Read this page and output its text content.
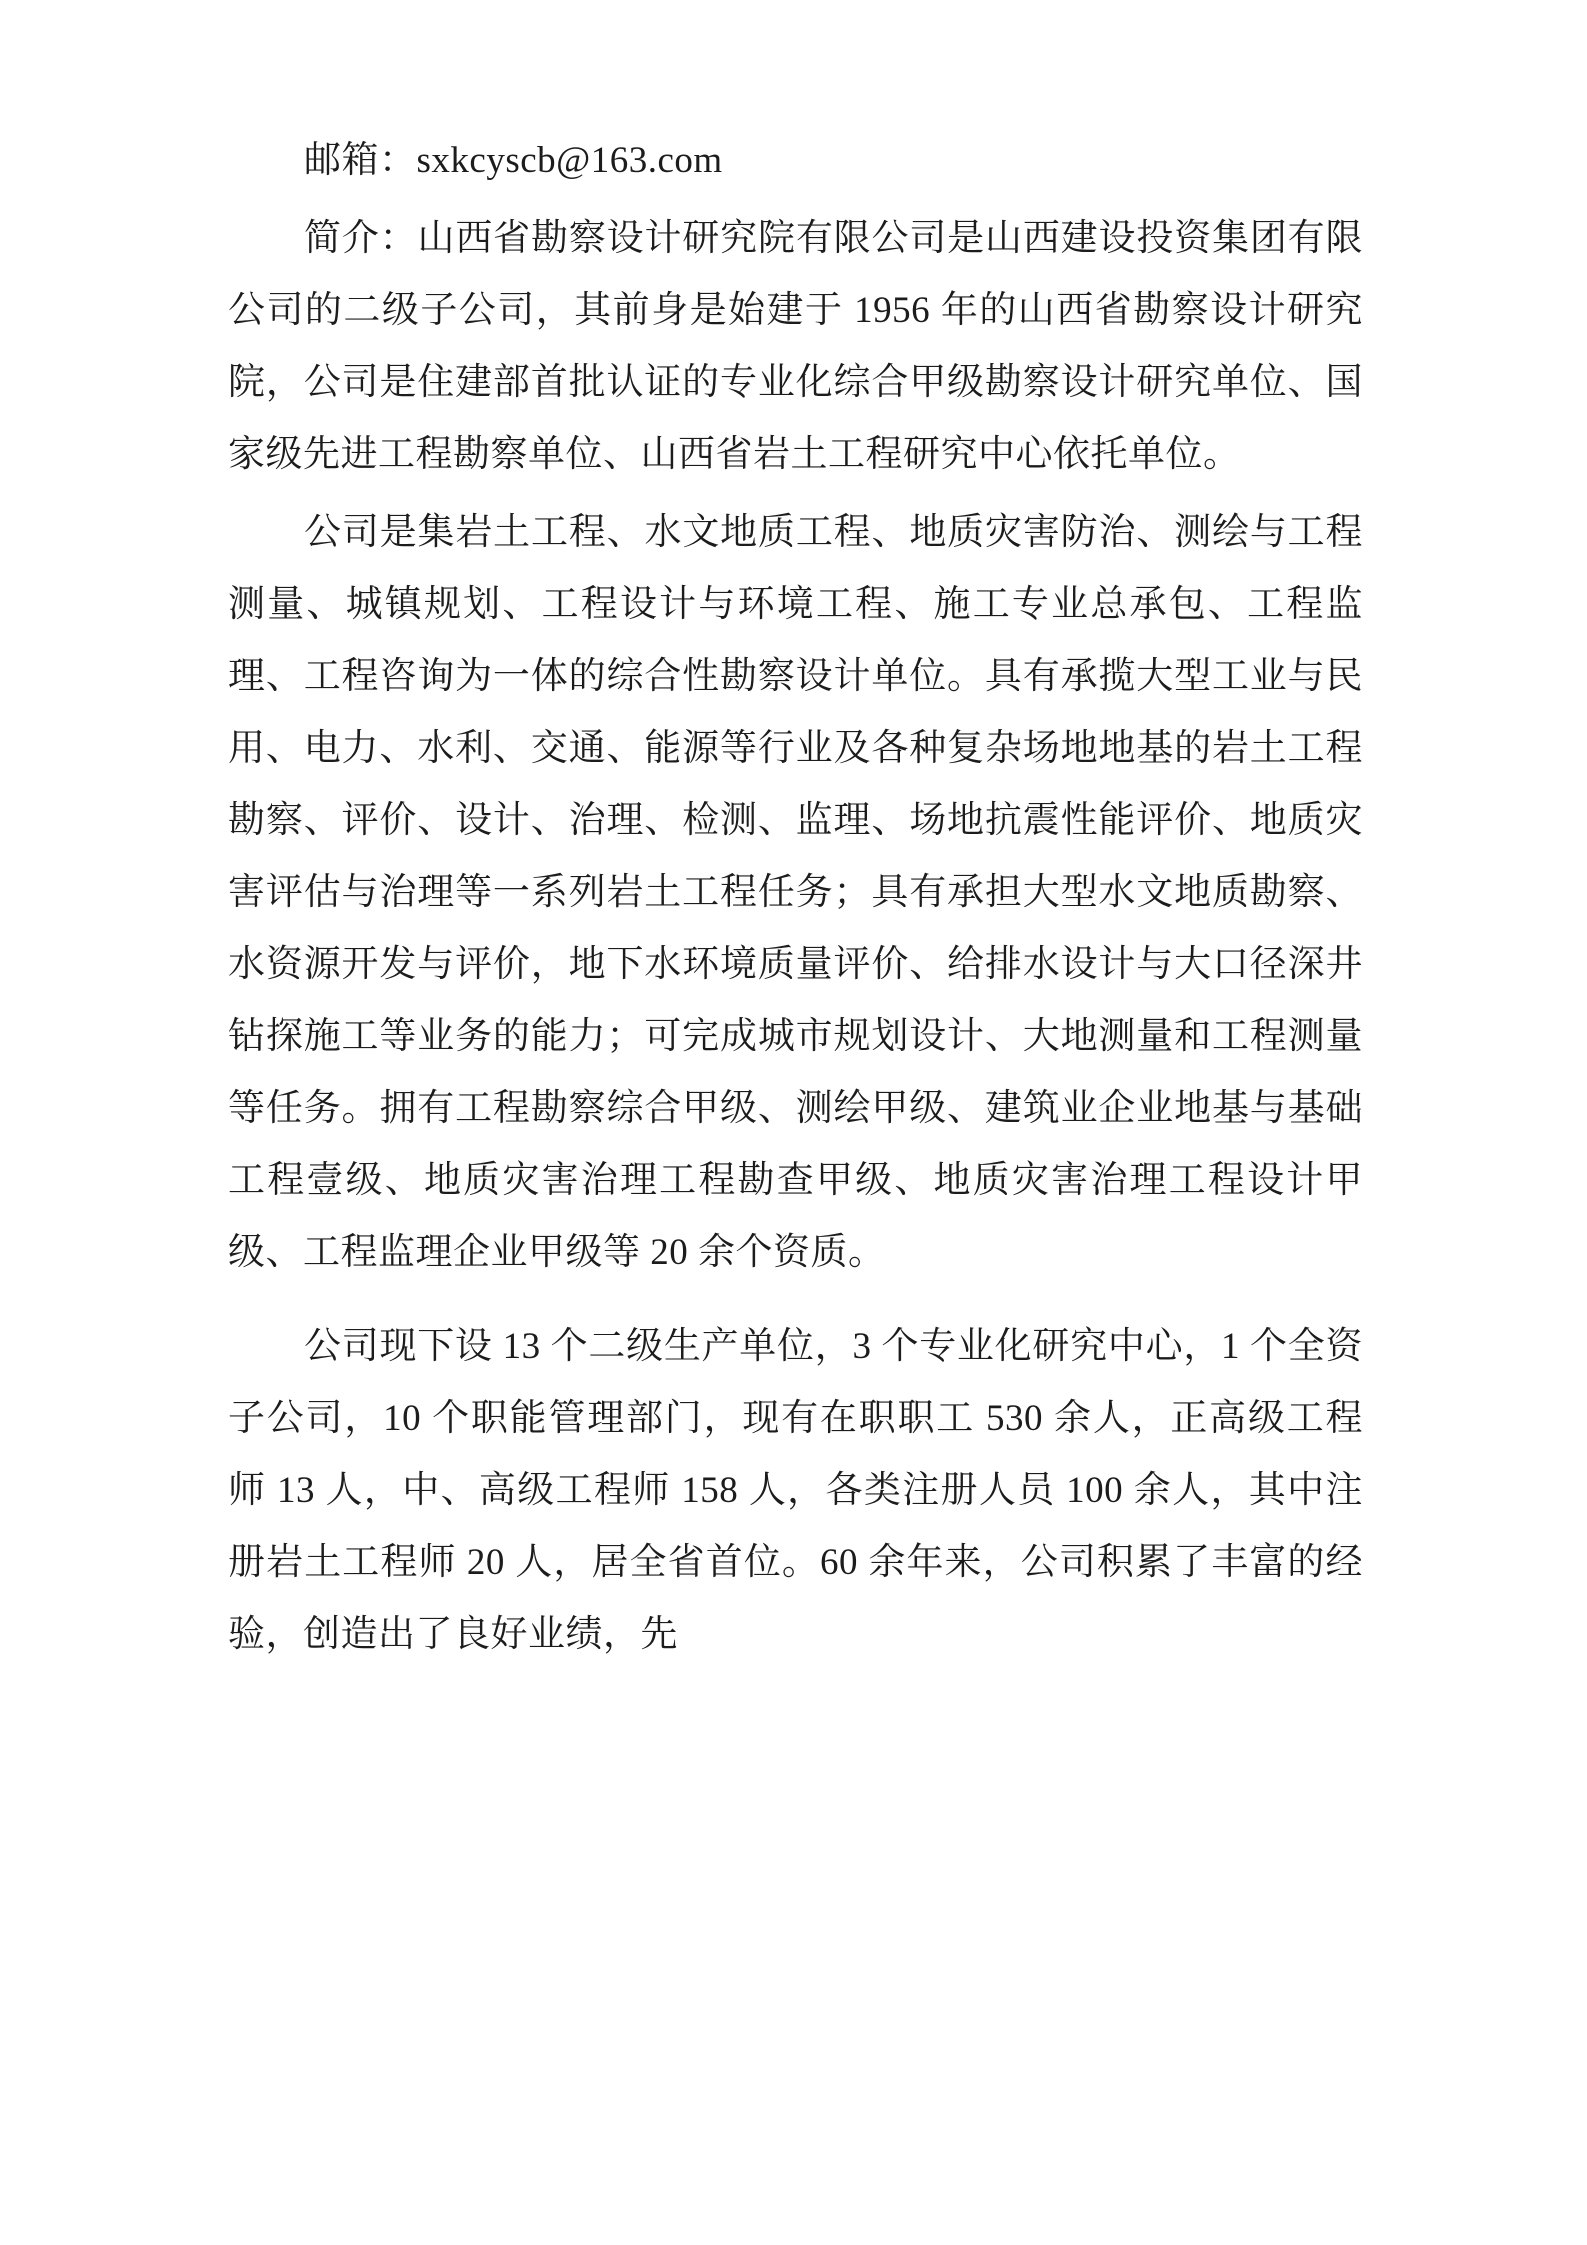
邮箱：sxkcyscb@163.com

简介：山西省勘察设计研究院有限公司是山西建设投资集团有限公司的二级子公司，其前身是始建于 1956 年的山西省勘察设计研究院，公司是住建部首批认证的专业化综合甲级勘察设计研究单位、国家级先进工程勘察单位、山西省岩土工程研究中心依托单位。

公司是集岩土工程、水文地质工程、地质灾害防治、测绘与工程测量、城镇规划、工程设计与环境工程、施工专业总承包、工程监理、工程咨询为一体的综合性勘察设计单位。具有承揽大型工业与民用、电力、水利、交通、能源等行业及各种复杂场地地基的岩土工程勘察、评价、设计、治理、检测、监理、场地抗震性能评价、地质灾害评估与治理等一系列岩土工程任务；具有承担大型水文地质勘察、水资源开发与评价，地下水环境质量评价、给排水设计与大口径深井钻探施工等业务的能力；可完成城市规划设计、大地测量和工程测量等任务。拥有工程勘察综合甲级、测绘甲级、建筑业企业地基与基础工程壹级、地质灾害治理工程勘查甲级、地质灾害治理工程设计甲级、工程监理企业甲级等 20 余个资质。

公司现下设 13 个二级生产单位，3 个专业化研究中心，1 个全资子公司，10 个职能管理部门，现有在职职工 530 余人，正高级工程师 13 人，中、高级工程师 158 人，各类注册人员 100 余人，其中注册岩土工程师 20 人，居全省首位。60 余年来，公司积累了丰富的经验，创造出了良好业绩，先
